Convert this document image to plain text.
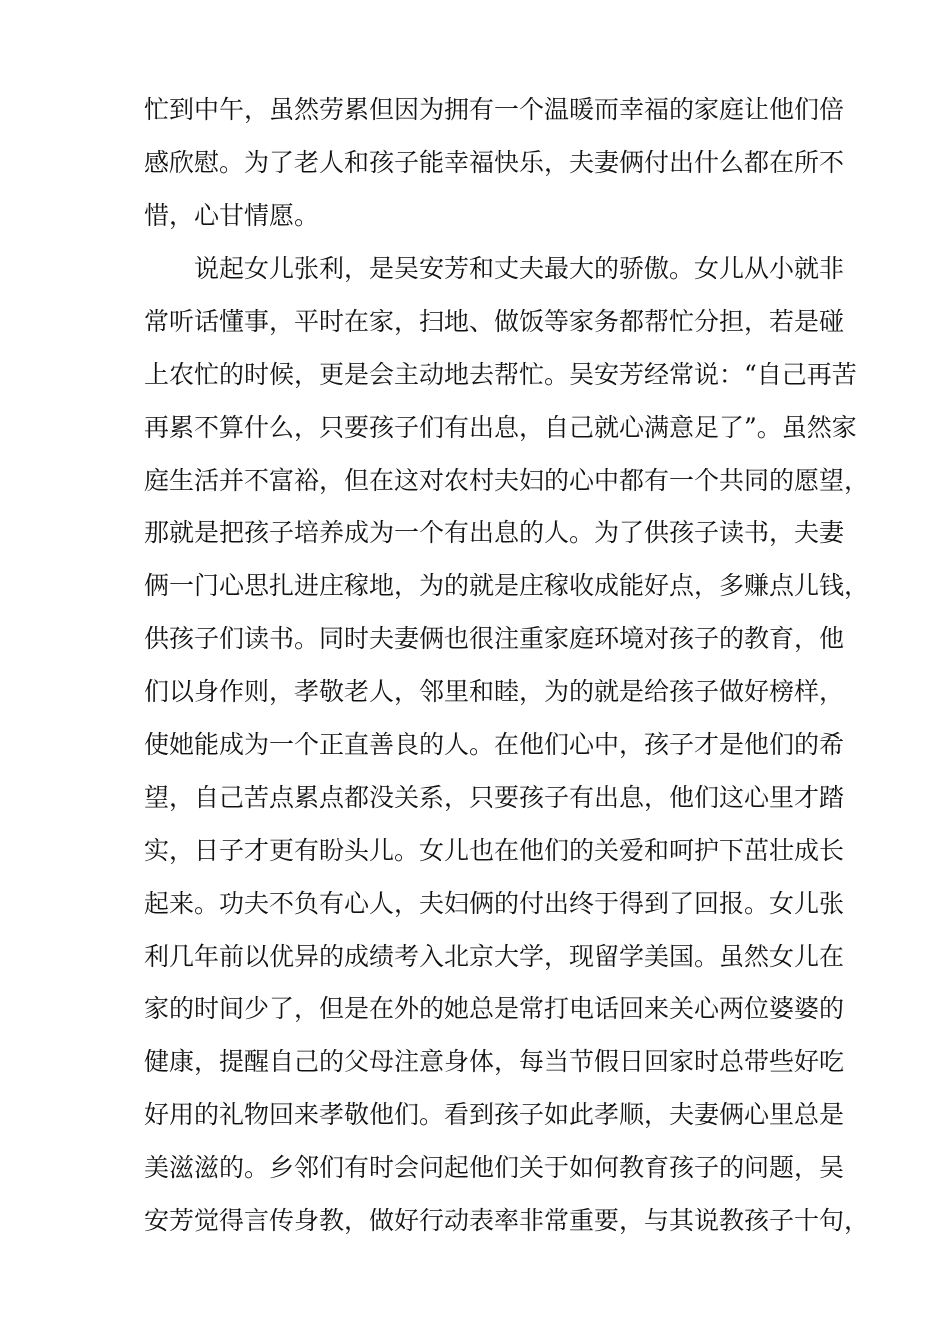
忙到中午，虽然劳累但因为拥有一个温暖而幸福的家庭让他们倍
感欣慰。为了老人和孩子能幸福快乐，夫妻俩付出什么都在所不
惜，心甘情愿。
说起女儿张利，是吴安芳和丈夫最大的骄傲。女儿从小就非
常听话懂事，平时在家，扫地、做饭等家务都帮忙分担，若是碰
上农忙的时候，更是会主动地去帮忙。吴安芳经常说：“自己再苦
再累不算什么，只要孩子们有出息，自己就心满意足了”。虽然家
庭生活并不富裕，但在这对农村夫妇的心中都有一个共同的愿望，
那就是把孩子培养成为一个有出息的人。为了供孩子读书，夫妻
俩一门心思扎进庄稼地，为的就是庄稼收成能好点，多赚点儿钱，
供孩子们读书。同时夫妻俩也很注重家庭环境对孩子的教育，他
们以身作则，孝敬老人，邻里和睦，为的就是给孩子做好榜样，
使她能成为一个正直善良的人。在他们心中，孩子才是他们的希
望，自己苦点累点都没关系，只要孩子有出息，他们这心里才踏
实，日子才更有盼头儿。女儿也在他们的关爱和呵护下茁壮成长
起来。功夫不负有心人，夫妇俩的付出终于得到了回报。女儿张
利几年前以优异的成绩考入北京大学，现留学美国。虽然女儿在
家的时间少了，但是在外的她总是常打电话回来关心两位婆婆的
健康，提醒自己的父母注意身体，每当节假日回家时总带些好吃
好用的礼物回来孝敬他们。看到孩子如此孝顺，夫妻俩心里总是
美滋滋的。乡邻们有时会问起他们关于如何教育孩子的问题，吴
安芳觉得言传身教，做好行动表率非常重要，与其说教孩子十句，
